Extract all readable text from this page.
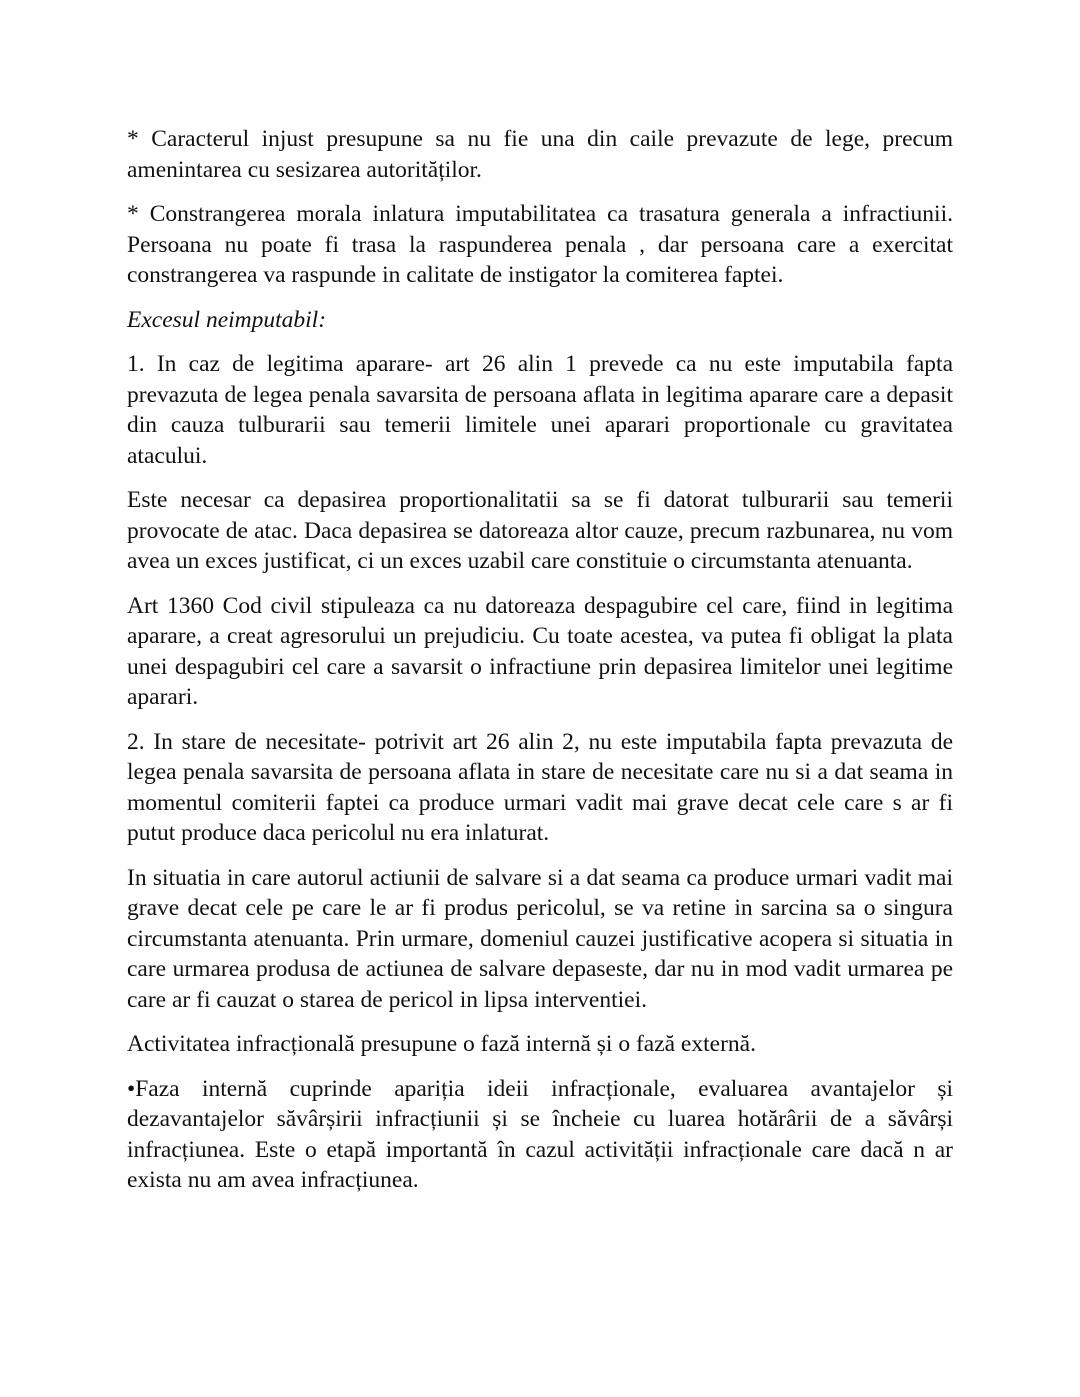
* Caracterul injust presupune sa nu fie una din caile prevazute de lege, precum amenintarea cu sesizarea autorităților.

* Constrangerea morala inlatura imputabilitatea ca trasatura generala a infractiunii. Persoana nu poate fi trasa la raspunderea penala , dar persoana care a exercitat constrangerea va raspunde in calitate de instigator la comiterea faptei.

Excesul neimputabil:

1. In caz de legitima aparare- art 26 alin 1 prevede ca nu este imputabila fapta prevazuta de legea penala savarsita de persoana aflata in legitima aparare care a depasit din cauza tulburarii sau temerii limitele unei aparari proportionale cu gravitatea atacului.

Este necesar ca depasirea proportionalitatii sa se fi datorat tulburarii sau temerii provocate de atac. Daca depasirea se datoreaza altor cauze, precum razbunarea, nu vom avea un exces justificat, ci un exces uzabil care constituie o circumstanta atenuanta.

Art 1360 Cod civil stipuleaza ca nu datoreaza despagubire cel care, fiind in legitima aparare, a creat agresorului un prejudiciu. Cu toate acestea, va putea fi obligat la plata unei despagubiri cel care a savarsit o infractiune prin depasirea limitelor unei legitime aparari.

2. In stare de necesitate- potrivit art 26 alin 2, nu este imputabila fapta prevazuta de legea penala savarsita de persoana aflata in stare de necesitate care nu si a dat seama in momentul comiterii faptei ca produce urmari vadit mai grave decat cele care s ar fi putut produce daca pericolul nu era inlaturat.

In situatia in care autorul actiunii de salvare si a dat seama ca produce urmari vadit mai grave decat cele pe care le ar fi produs pericolul, se va retine in sarcina sa o singura circumstanta atenuanta. Prin urmare, domeniul cauzei justificative acopera si situatia in care urmarea produsa de actiunea de salvare depaseste, dar nu in mod vadit urmarea pe care ar fi cauzat o starea de pericol in lipsa interventiei.

Activitatea infracțională presupune o fază internă și o fază externă.

•Faza internă cuprinde apariția ideii infracționale, evaluarea avantajelor și dezavantajelor săvârșirii infracțiunii și se încheie cu luarea hotărârii de a săvârși infracțiunea. Este o etapă importantă în cazul activității infracționale care dacă n ar exista nu am avea infracțiunea.
